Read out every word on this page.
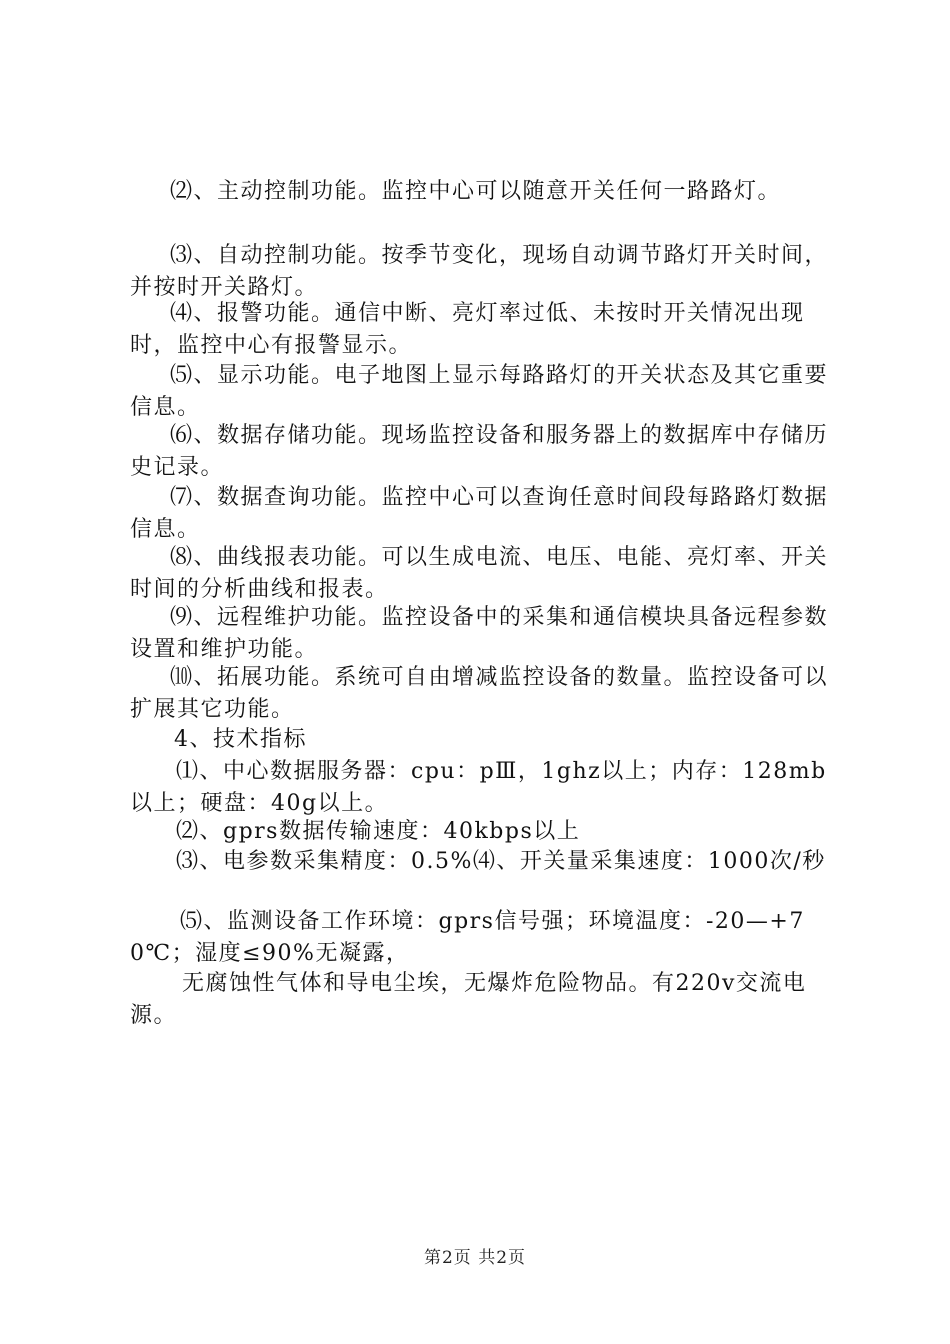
⑵、主动控制功能。监控中心可以随意开关任何一路路灯。

⑶、自动控制功能。按季节变化，现场自动调节路灯开关时间，并按时开关路灯。

⑷、报警功能。通信中断、亮灯率过低、未按时开关情况出现时，监控中心有报警显示。

⑸、显示功能。电子地图上显示每路路灯的开关状态及其它重要信息。

⑹、数据存储功能。现场监控设备和服务器上的数据库中存储历史记录。

⑺、数据查询功能。监控中心可以查询任意时间段每路路灯数据信息。

⑻、曲线报表功能。可以生成电流、电压、电能、亮灯率、开关时间的分析曲线和报表。

⑼、远程维护功能。监控设备中的采集和通信模块具备远程参数设置和维护功能。

⑽、拓展功能。系统可自由增减监控设备的数量。监控设备可以扩展其它功能。

4、技术指标

⑴、中心数据服务器：cpu：pⅢ，1ghz以上；内存：128mb以上；硬盘：40g以上。

⑵、gprs数据传输速度：40kbps以上

⑶、电参数采集精度：0.5%⑷、开关量采集速度：1000次/秒

⑸、监测设备工作环境：gprs信号强；环境温度：-20—+70℃；湿度≤90%无凝露，

无腐蚀性气体和导电尘埃，无爆炸危险物品。有220v交流电源。

第2页 共2页
